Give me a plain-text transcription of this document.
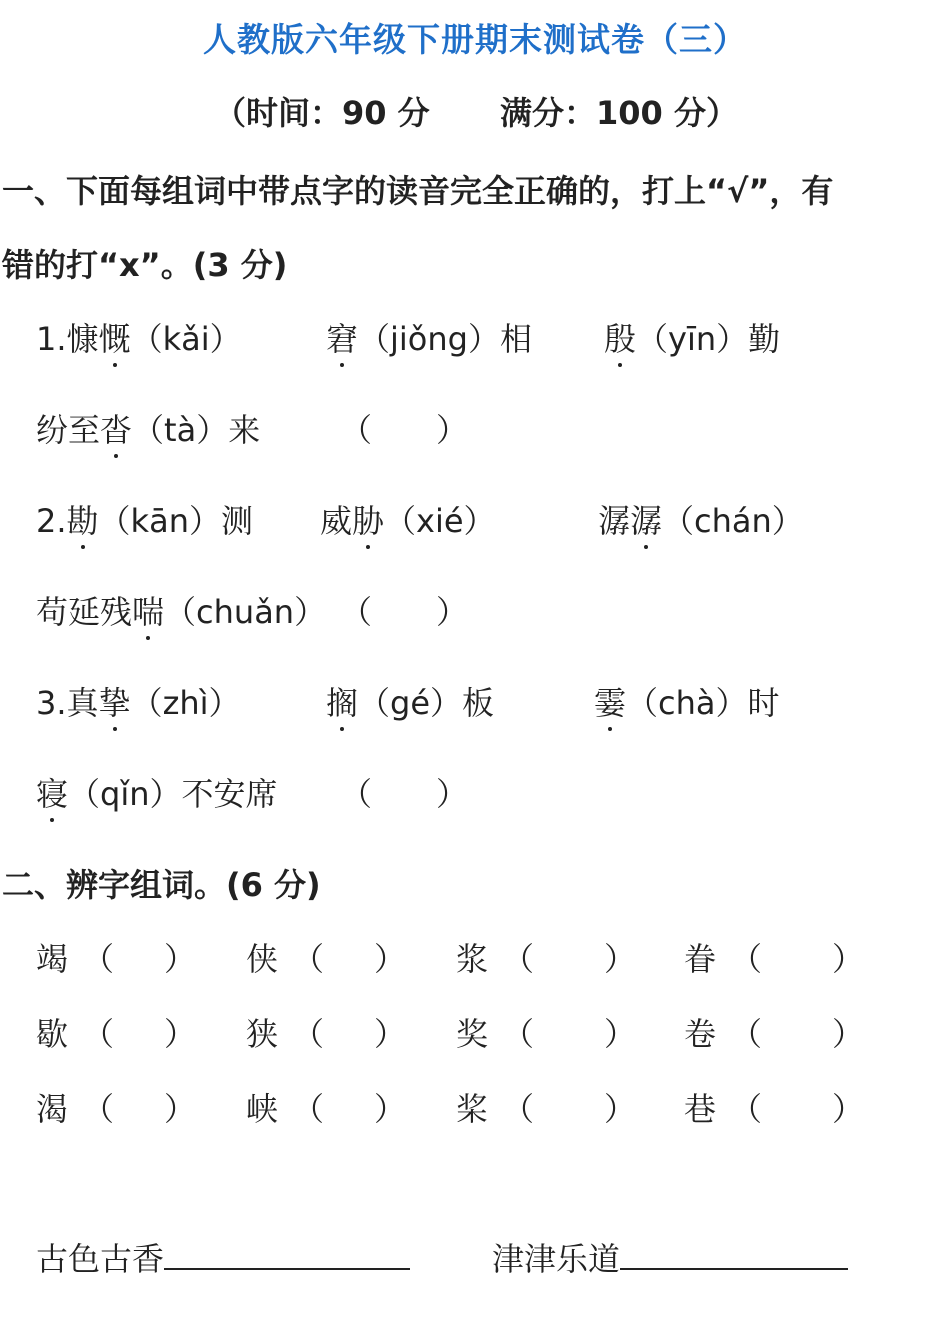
人教版六年级下册期末测试卷（三）
（时间：90 分 满分：100 分）
一、下面每组词中带点字的读音完全正确的，打上“√”，有
错的打“x”。(3 分)
1.慷慨（kǎi）	窘（jiǒng）相 殷（yīn）勤
纷至沓（tà）来 （　　）
2.勘（kān）测 威胁（xié）	潺潺（chán）
苟延残喘（chuǎn） （　　）
3.真挚（zhì）	搁（gé）板	霎（chà）时
寝（qǐn）不安席 （　　）
二、辨字组词。(6 分)
竭 （ ） 侠 （ ） 浆 （ ） 眷 （ ）
歇 （ ） 狭 （ ） 奖 （ ） 卷 （ ）
渴 （ ） 峡 （ ） 桨 （ ） 巷 （ ）
古色古香	津津乐道
